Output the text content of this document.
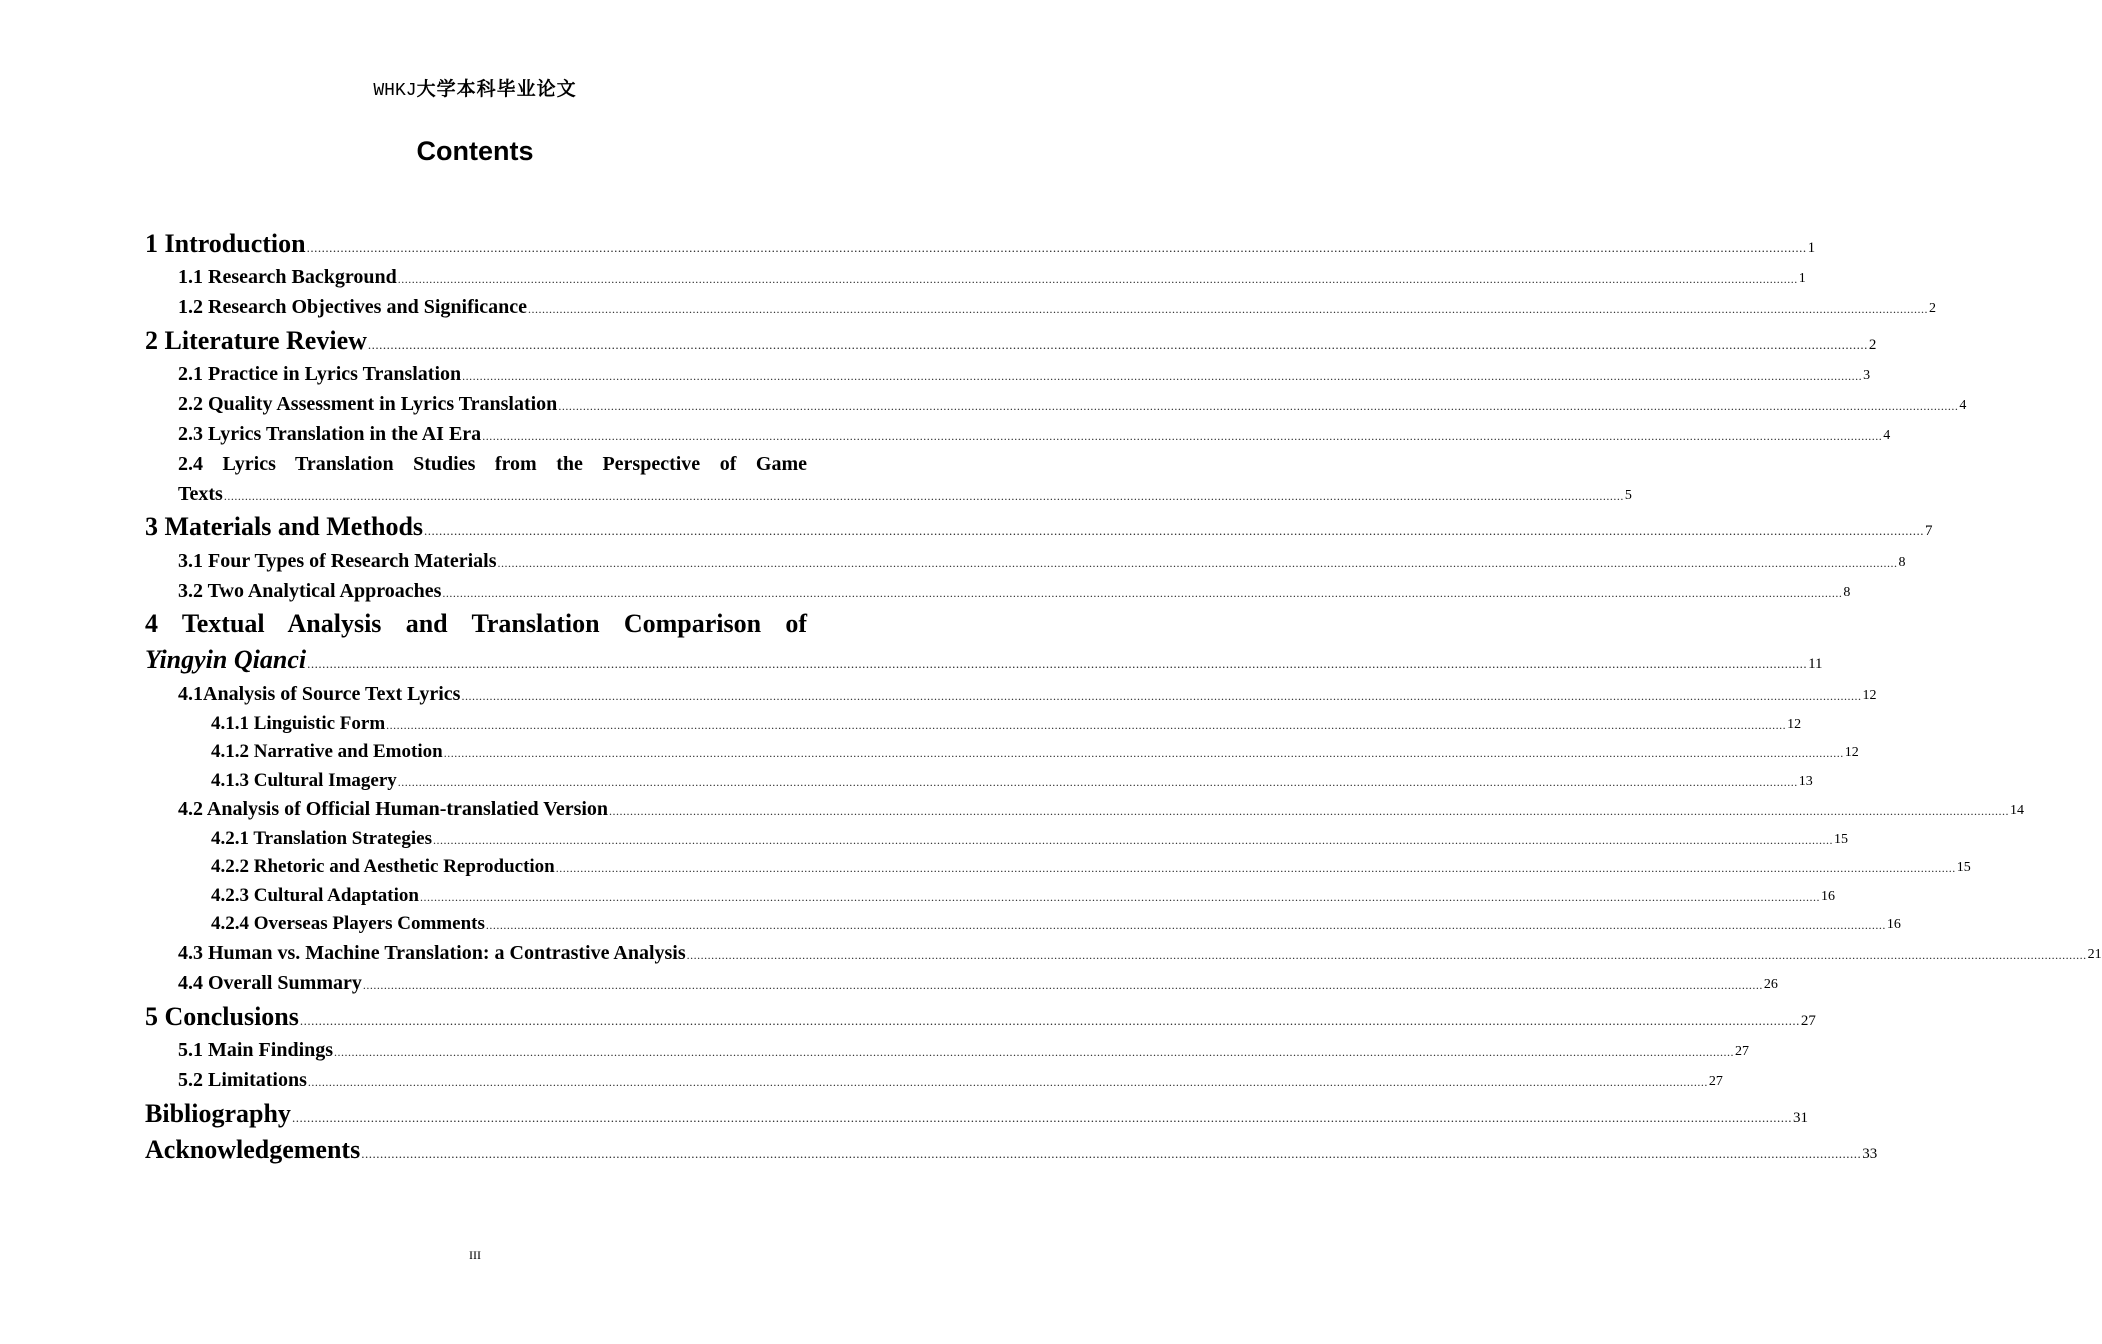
WHKJ大学本科毕业论文
Contents
1 Introduction ................................................................................................................................................................................................................................................................................................................................................................................................................ 1
1.1 Research Background ................................................................................................................................................................................................................................................................................................................................................................................................................ 1
1.2 Research Objectives and Significance ................................................................................................................................................................................................................................................................................................................................................................................................................ 2
2 Literature Review ................................................................................................................................................................................................................................................................................................................................................................................................................ 2
2.1 Practice in Lyrics Translation ................................................................................................................................................................................................................................................................................................................................................................................................................ 3
2.2 Quality Assessment in Lyrics Translation ................................................................................................................................................................................................................................................................................................................................................................................................................ 4
2.3 Lyrics Translation in the AI Era ................................................................................................................................................................................................................................................................................................................................................................................................................ 4
2.4 Lyrics Translation Studies from the Perspective of Game
Texts ................................................................................................................................................................................................................................................................................................................................................................................................................ 5
3 Materials and Methods ................................................................................................................................................................................................................................................................................................................................................................................................................ 7
3.1 Four Types of Research Materials ................................................................................................................................................................................................................................................................................................................................................................................................................ 8
3.2 Two Analytical Approaches ................................................................................................................................................................................................................................................................................................................................................................................................................ 8
4 Textual Analysis and Translation Comparison of
Yingyin Qianci ................................................................................................................................................................................................................................................................................................................................................................................................................ 11
4.1Analysis of Source Text Lyrics ................................................................................................................................................................................................................................................................................................................................................................................................................ 12
4.1.1 Linguistic Form ................................................................................................................................................................................................................................................................................................................................................................................................................ 12
4.1.2 Narrative and Emotion ................................................................................................................................................................................................................................................................................................................................................................................................................ 12
4.1.3 Cultural Imagery ................................................................................................................................................................................................................................................................................................................................................................................................................ 13
4.2 Analysis of Official Human-translatied Version ................................................................................................................................................................................................................................................................................................................................................................................................................ 14
4.2.1 Translation Strategies ................................................................................................................................................................................................................................................................................................................................................................................................................ 15
4.2.2 Rhetoric and Aesthetic Reproduction ................................................................................................................................................................................................................................................................................................................................................................................................................ 15
4.2.3 Cultural Adaptation ................................................................................................................................................................................................................................................................................................................................................................................................................ 16
4.2.4 Overseas Players Comments ................................................................................................................................................................................................................................................................................................................................................................................................................ 16
4.3 Human vs. Machine Translation: a Contrastive Analysis ................................................................................................................................................................................................................................................................................................................................................................................................................ 21
4.4 Overall Summary ................................................................................................................................................................................................................................................................................................................................................................................................................ 26
5 Conclusions ................................................................................................................................................................................................................................................................................................................................................................................................................ 27
5.1 Main Findings ................................................................................................................................................................................................................................................................................................................................................................................................................ 27
5.2 Limitations ................................................................................................................................................................................................................................................................................................................................................................................................................ 27
Bibliography ................................................................................................................................................................................................................................................................................................................................................................................................................ 31
Acknowledgements ................................................................................................................................................................................................................................................................................................................................................................................................................ 33
III
